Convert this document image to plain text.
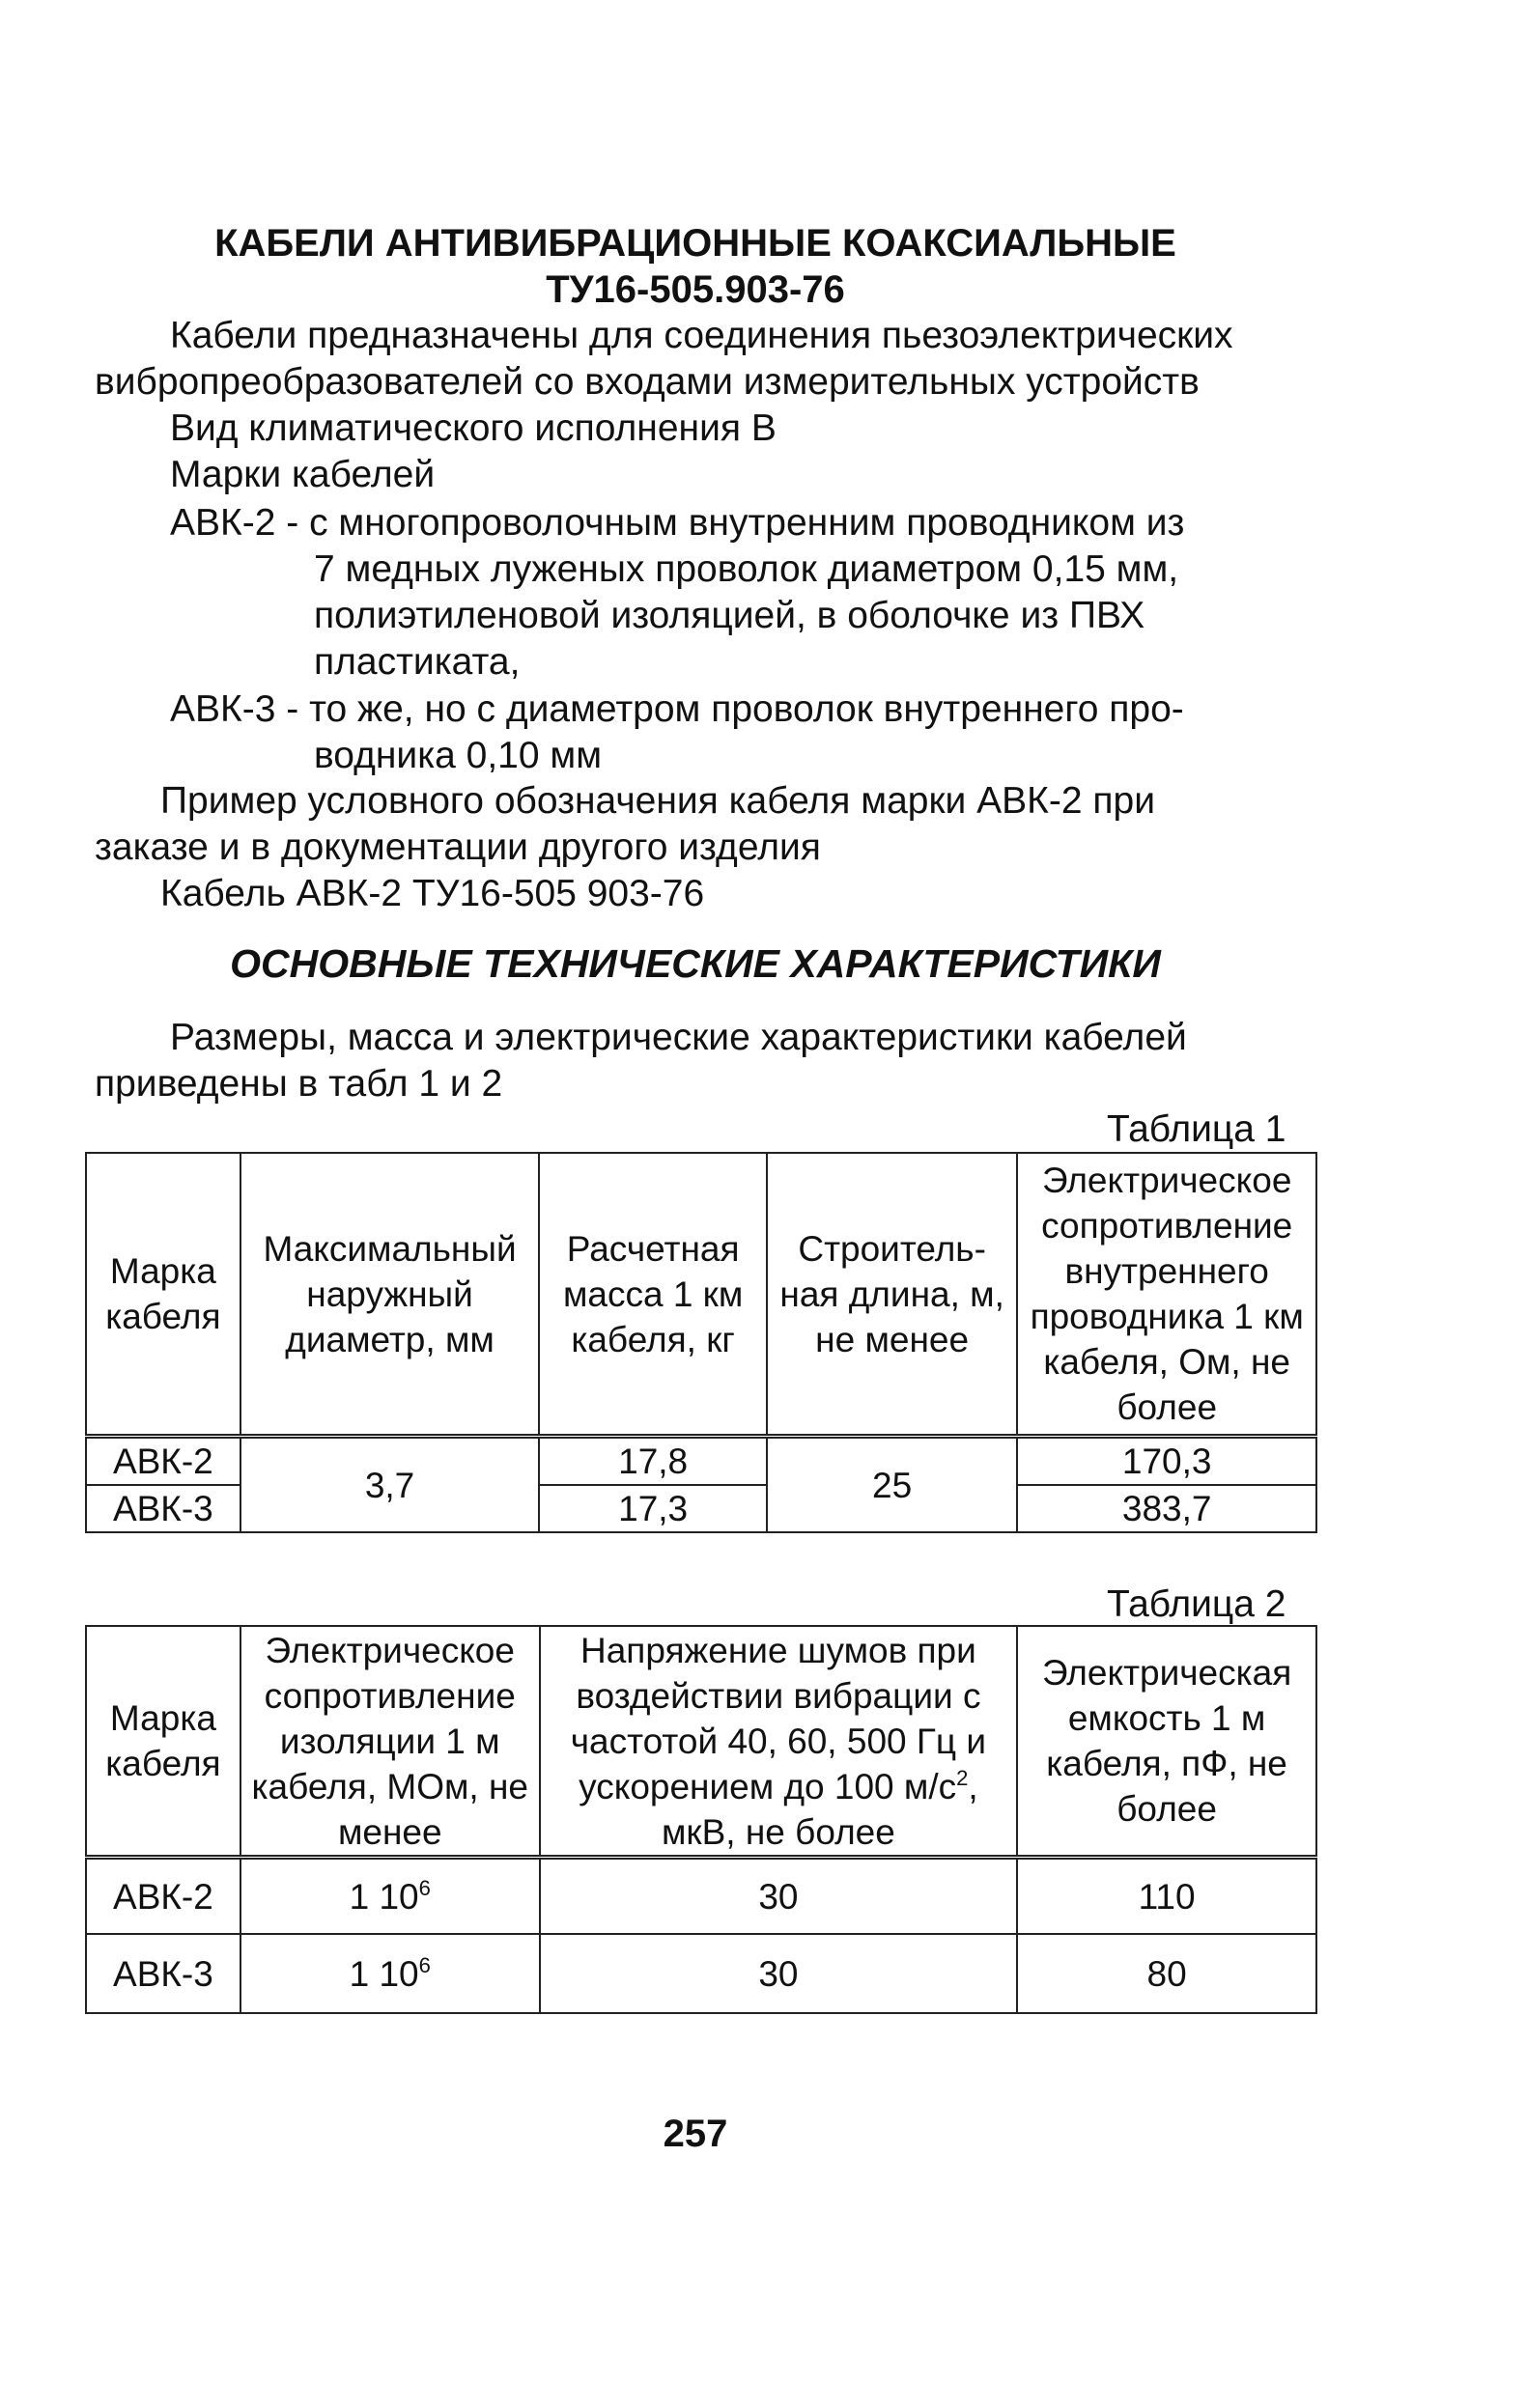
КАБЕЛИ АНТИВИБРАЦИОННЫЕ КОАКСИАЛЬНЫЕ
ТУ16-505.903-76
Кабели предназначены для соединения пьезоэлектрических
вибропреобразователей со входами измерительных устройств
Вид климатического исполнения В
Марки кабелей
АВК-2 - с многопроволочным внутренним проводником из
7 медных луженых проволок диаметром 0,15 мм,
полиэтиленовой изоляцией, в оболочке из ПВХ
пластиката,
АВК-3 - то же, но с диаметром проволок внутреннего про-
водника 0,10 мм
Пример условного обозначения кабеля марки АВК-2 при
заказе и в документации другого изделия
Кабель АВК-2 ТУ16-505 903-76
ОСНОВНЫЕ ТЕХНИЧЕСКИЕ ХАРАКТЕРИСТИКИ
Размеры, масса и электрические характеристики кабелей
приведены в табл 1 и 2
Таблица 1
Марка кабеля	Максимальный наружный диаметр, мм	Расчетная масса 1 км кабеля, кг	Строитель-ная длина, м, не менее	Электрическое сопротивление внутреннего проводника 1 км кабеля, Ом, не более
АВК-2	3,7	17,8	25	170,3
АВК-3		17,3		383,7
Таблица 2
Марка кабеля	Электрическое сопротивление изоляции 1 м кабеля, МОм, не менее	Напряжение шумов при воздействии вибрации с частотой 40, 60, 500 Гц и ускорением до 100 $м/с^2$, мкВ, не более	Электрическая емкость 1 м кабеля, пФ, не более
АВК-2	1 $10^6$	30	110
АВК-3	1 $10^6$	30	80
257
